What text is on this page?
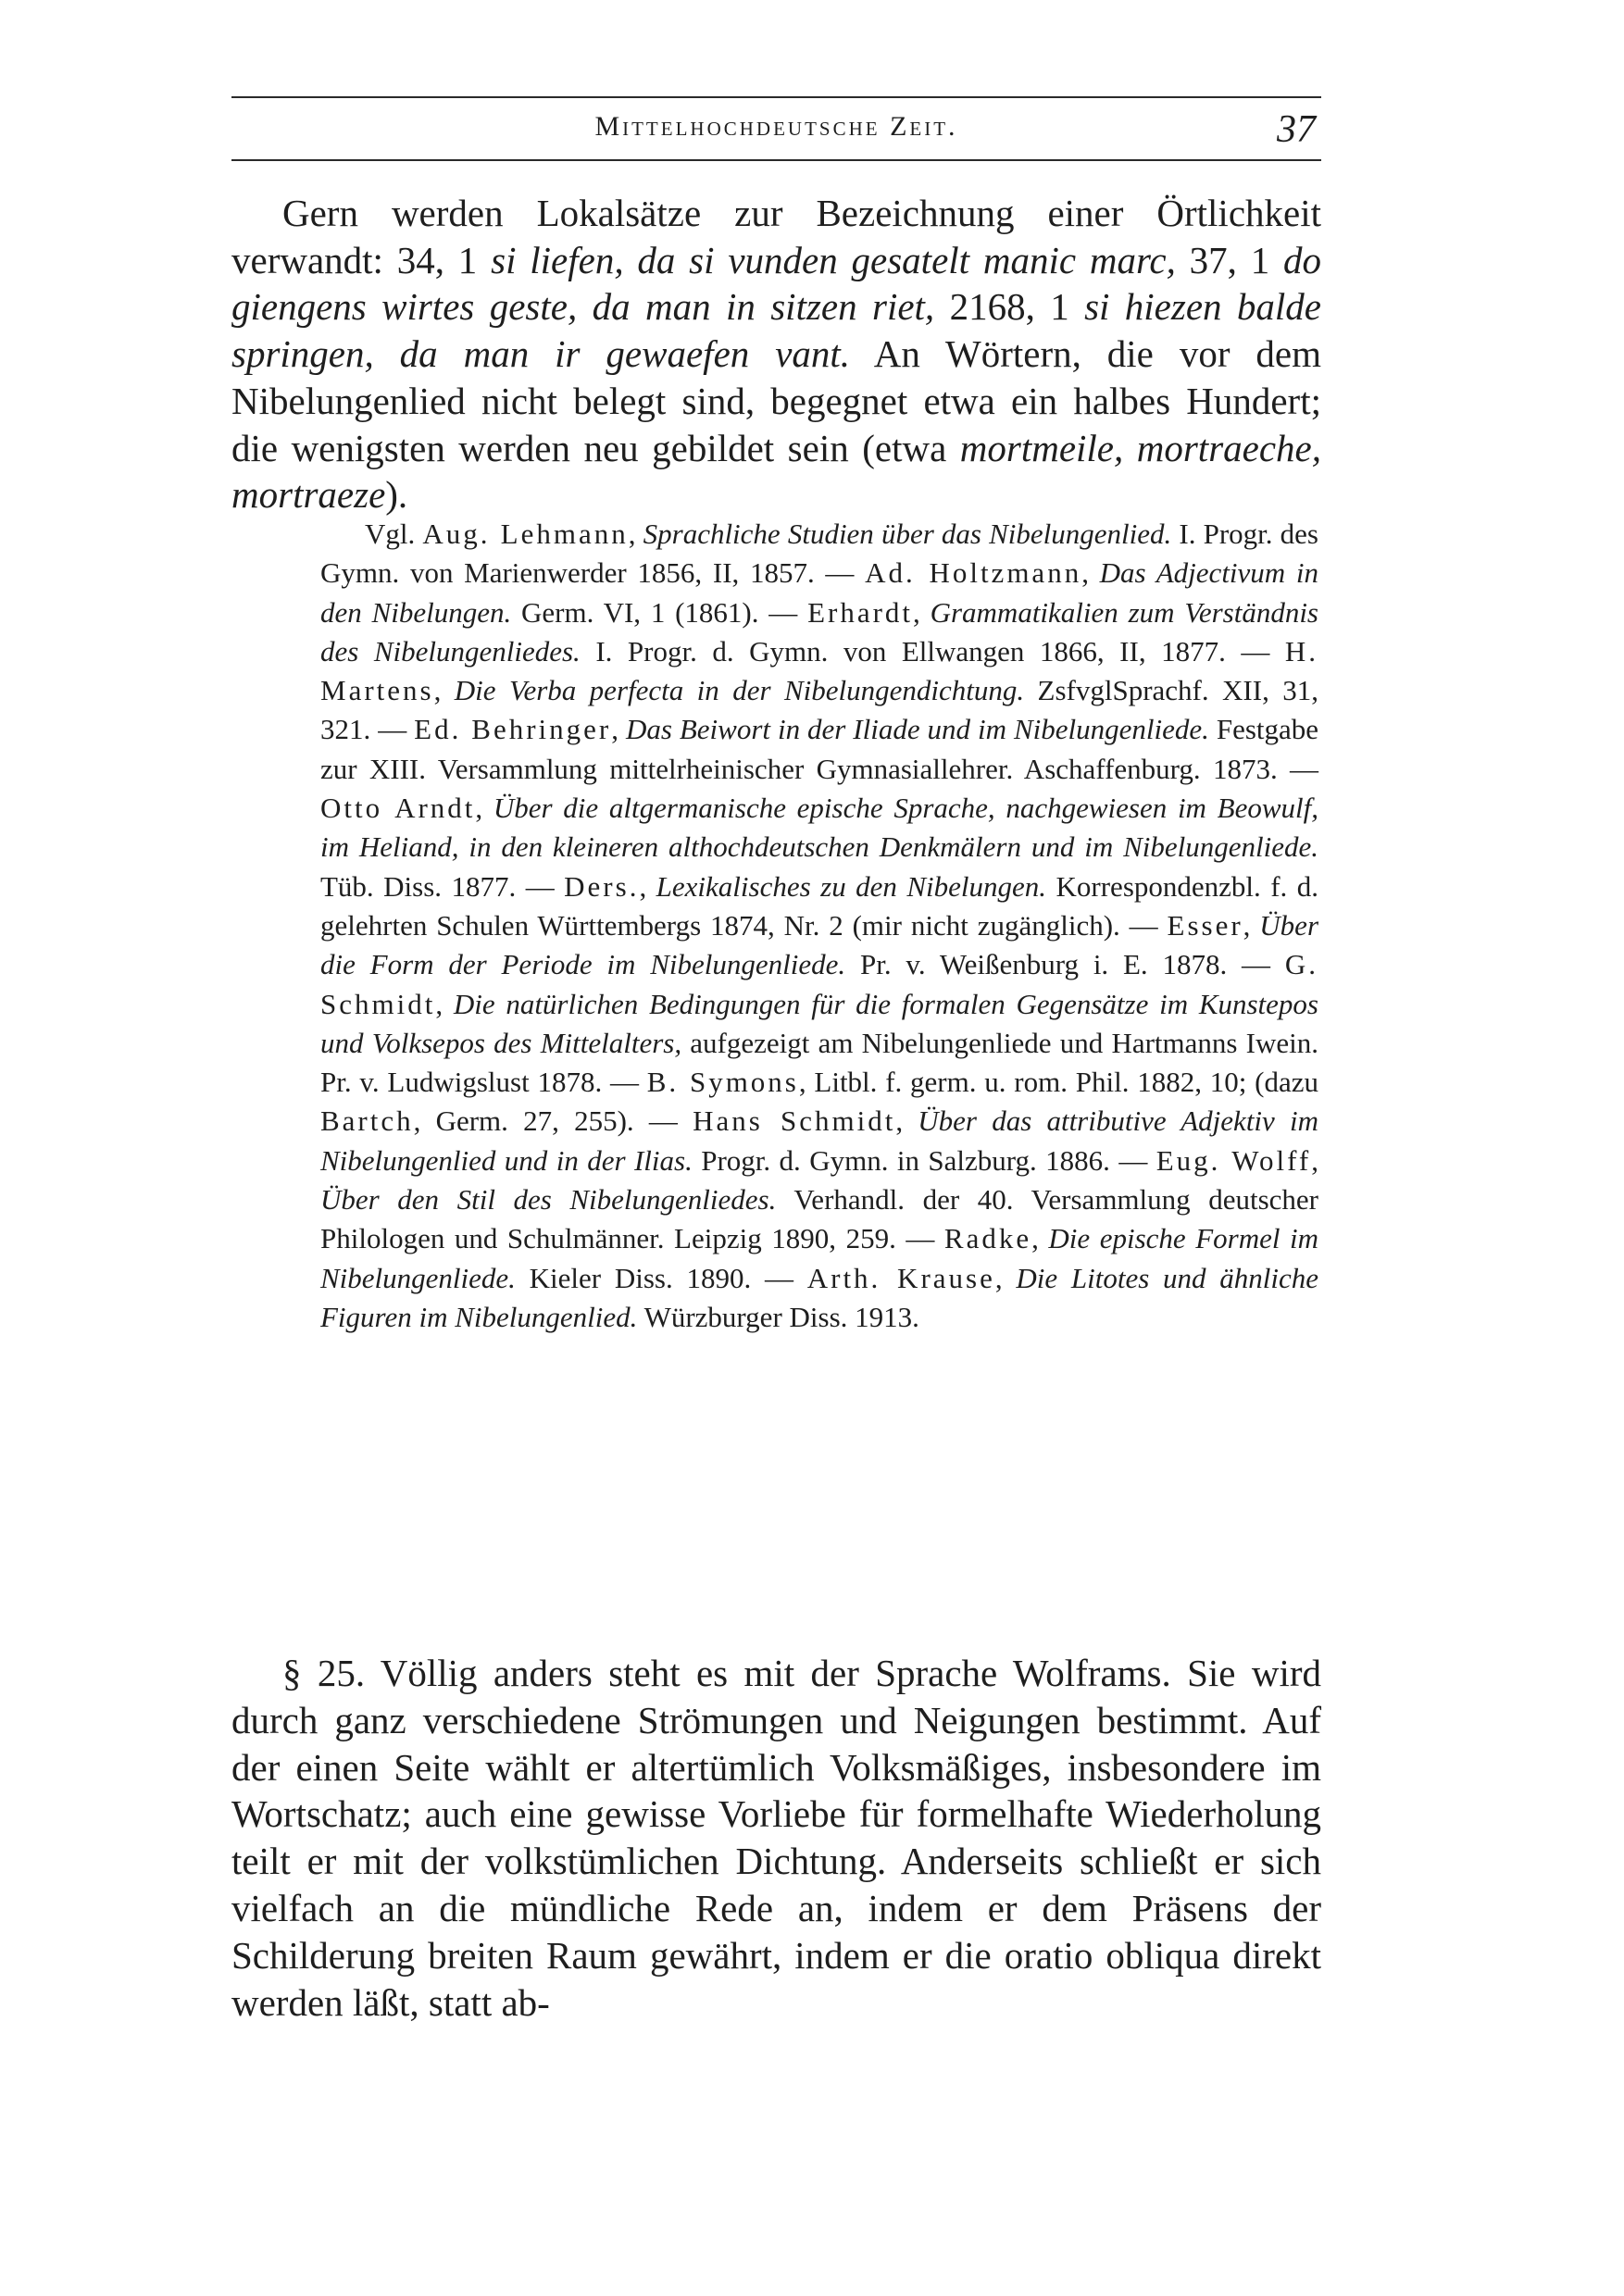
Mittelhochdeutsche Zeit.	37

Gern werden Lokalsätze zur Bezeichnung einer Örtlichkeit verwandt: 34, 1 si liefen, da si vunden gesatelt manic marc, 37, 1 do giengens wirtes geste, da man in sitzen riet, 2168, 1 si hiezen balde springen, da man ir gewaefen vant. An Wörtern, die vor dem Nibelungenlied nicht belegt sind, begegnet etwa ein halbes Hundert; die wenigsten werden neu gebildet sein (etwa mortmeile, mortraeche, mortraeze).

Vgl. Aug. Lehmann, Sprachliche Studien über das Nibelungenlied. I. Progr. des Gymn. von Marienwerder 1856, II, 1857. — Ad. Holtzmann, Das Adjectivum in den Nibelungen. Germ. VI, 1 (1861). — Erhardt, Grammatikalien zum Verständnis des Nibelungenliedes. I. Progr. d. Gymn. von Ellwangen 1866, II, 1877. — H. Martens, Die Verba perfecta in der Nibelungendichtung. ZsfvglSprachf. XII, 31, 321. — Ed. Behringer, Das Beiwort in der Iliade und im Nibelungenliede. Festgabe zur XIII. Versammlung mittelrheinischer Gymnasiallehrer. Aschaffenburg. 1873. — Otto Arndt, Über die altgermanische epische Sprache, nachgewiesen im Beowulf, im Heliand, in den kleineren althochdeutschen Denkmälern und im Nibelungenliede. Tüb. Diss. 1877. — Ders., Lexikalisches zu den Nibelungen. Korrespondenzbl. f. d. gelehrten Schulen Württembergs 1874, Nr. 2 (mir nicht zugänglich). — Esser, Über die Form der Periode im Nibelungenliede. Pr. v. Weißenburg i. E. 1878. — G. Schmidt, Die natürlichen Bedingungen für die formalen Gegensätze im Kunstepos und Volksepos des Mittelalters, aufgezeigt am Nibelungenliede und Hartmanns Iwein. Pr. v. Ludwigslust 1878. — B. Symons, Litbl. f. germ. u. rom. Phil. 1882, 10; (dazu Bartch, Germ. 27, 255). — Hans Schmidt, Über das attributive Adjektiv im Nibelungenlied und in der Ilias. Progr. d. Gymn. in Salzburg. 1886. — Eug. Wolff, Über den Stil des Nibelungenliedes. Verhandl. der 40. Versammlung deutscher Philologen und Schulmänner. Leipzig 1890, 259. — Radke, Die epische Formel im Nibelungenliede. Kieler Diss. 1890. — Arth. Krause, Die Litotes und ähnliche Figuren im Nibelungenlied. Würzburger Diss. 1913.

§ 25. Völlig anders steht es mit der Sprache Wolframs. Sie wird durch ganz verschiedene Strömungen und Neigungen bestimmt. Auf der einen Seite wählt er altertümlich Volksmäßiges, insbesondere im Wortschatz; auch eine gewisse Vorliebe für formelhafte Wiederholung teilt er mit der volkstümlichen Dichtung. Anderseits schließt er sich vielfach an die mündliche Rede an, indem er dem Präsens der Schilderung breiten Raum gewährt, indem er die oratio obliqua direkt werden läßt, statt ab-
